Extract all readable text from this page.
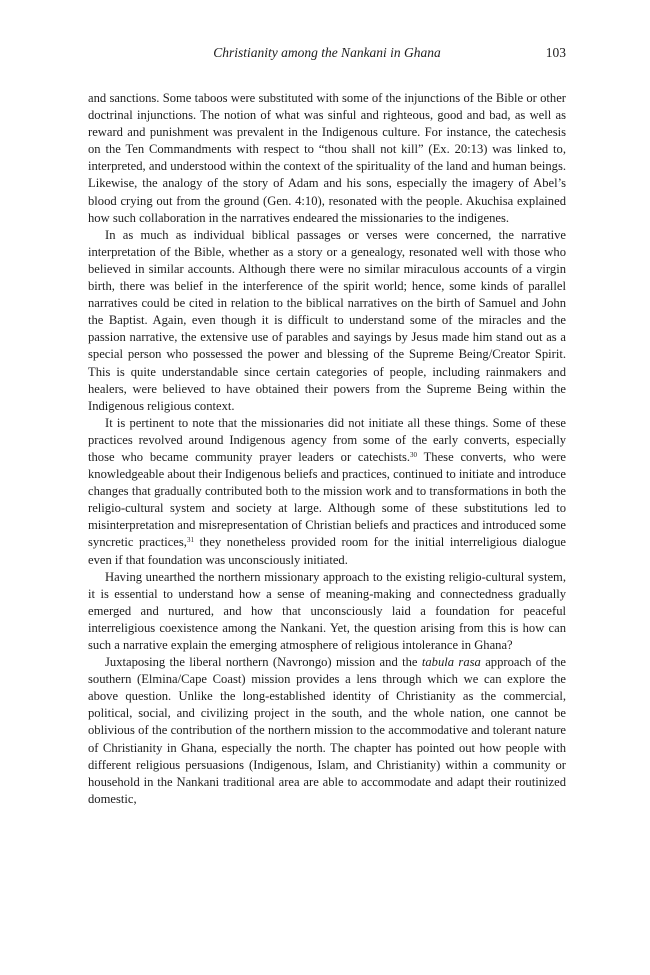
Christianity among the Nankani in Ghana	103

and sanctions. Some taboos were substituted with some of the injunctions of the Bible or other doctrinal injunctions. The notion of what was sinful and righteous, good and bad, as well as reward and punishment was prevalent in the Indigenous culture. For instance, the catechesis on the Ten Commandments with respect to “thou shall not kill” (Ex. 20:13) was linked to, interpreted, and understood within the context of the spirituality of the land and human beings. Likewise, the analogy of the story of Adam and his sons, especially the imagery of Abel’s blood crying out from the ground (Gen. 4:10), resonated with the people. Akuchisa explained how such collaboration in the narratives endeared the missionaries to the indigenes.

In as much as individual biblical passages or verses were concerned, the narrative interpretation of the Bible, whether as a story or a genealogy, resonated well with those who believed in similar accounts. Although there were no similar miraculous accounts of a virgin birth, there was belief in the interference of the spirit world; hence, some kinds of parallel narratives could be cited in relation to the biblical narratives on the birth of Samuel and John the Baptist. Again, even though it is difficult to understand some of the miracles and the passion narrative, the extensive use of parables and sayings by Jesus made him stand out as a special person who possessed the power and blessing of the Supreme Being/Creator Spirit. This is quite understandable since certain categories of people, including rainmakers and healers, were believed to have obtained their powers from the Supreme Being within the Indigenous religious context.

It is pertinent to note that the missionaries did not initiate all these things. Some of these practices revolved around Indigenous agency from some of the early converts, especially those who became community prayer leaders or catechists.$^{30}$ These converts, who were knowledgeable about their Indigenous beliefs and practices, continued to initiate and introduce changes that gradually contributed both to the mission work and to transformations in both the religio-cultural system and society at large. Although some of these substitutions led to misinterpretation and misrepresentation of Christian beliefs and practices and introduced some syncretic practices,$^{31}$ they nonetheless provided room for the initial interreligious dialogue even if that foundation was unconsciously initiated.

Having unearthed the northern missionary approach to the existing religio-cultural system, it is essential to understand how a sense of meaning-making and connectedness gradually emerged and nurtured, and how that unconsciously laid a foundation for peaceful interreligious coexistence among the Nankani. Yet, the question arising from this is how can such a narrative explain the emerging atmosphere of religious intolerance in Ghana?

Juxtaposing the liberal northern (Navrongo) mission and the tabula rasa approach of the southern (Elmina/Cape Coast) mission provides a lens through which we can explore the above question. Unlike the long-established identity of Christianity as the commercial, political, social, and civilizing project in the south, and the whole nation, one cannot be oblivious of the contribution of the northern mission to the accommodative and tolerant nature of Christianity in Ghana, especially the north. The chapter has pointed out how people with different religious persuasions (Indigenous, Islam, and Christianity) within a community or household in the Nankani traditional area are able to accommodate and adapt their routinized domestic,
